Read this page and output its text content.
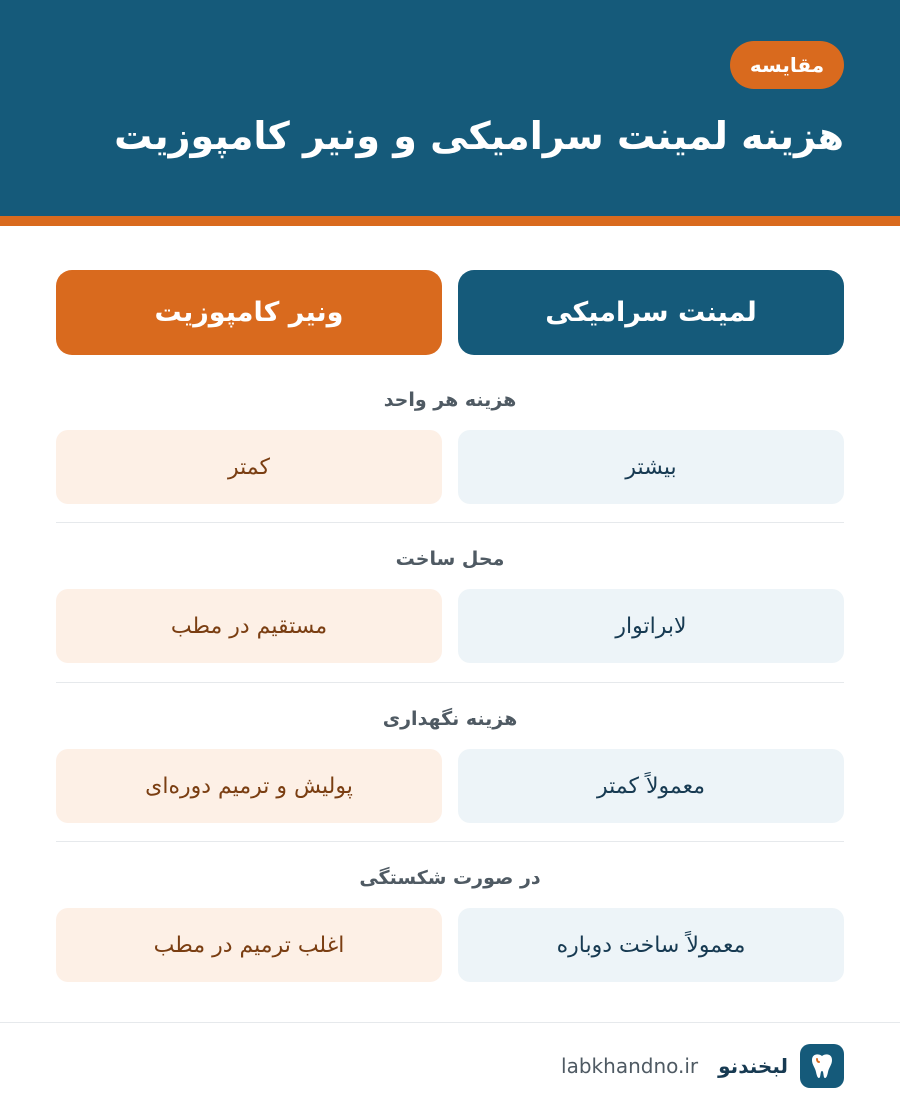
مقایسه
هزینه لمینت سرامیکی و ونیر کامپوزیت
لمینت سرامیکی
ونیر کامپوزیت
هزینه هر واحد
بیشتر
کمتر
محل ساخت
لابراتوار
مستقیم در مطب
هزینه نگهداری
معمولاً کمتر
پولیش و ترمیم دوره‌ای
در صورت شکستگی
معمولاً ساخت دوباره
اغلب ترمیم در مطب
لبخندنو
labkhandno.ir
